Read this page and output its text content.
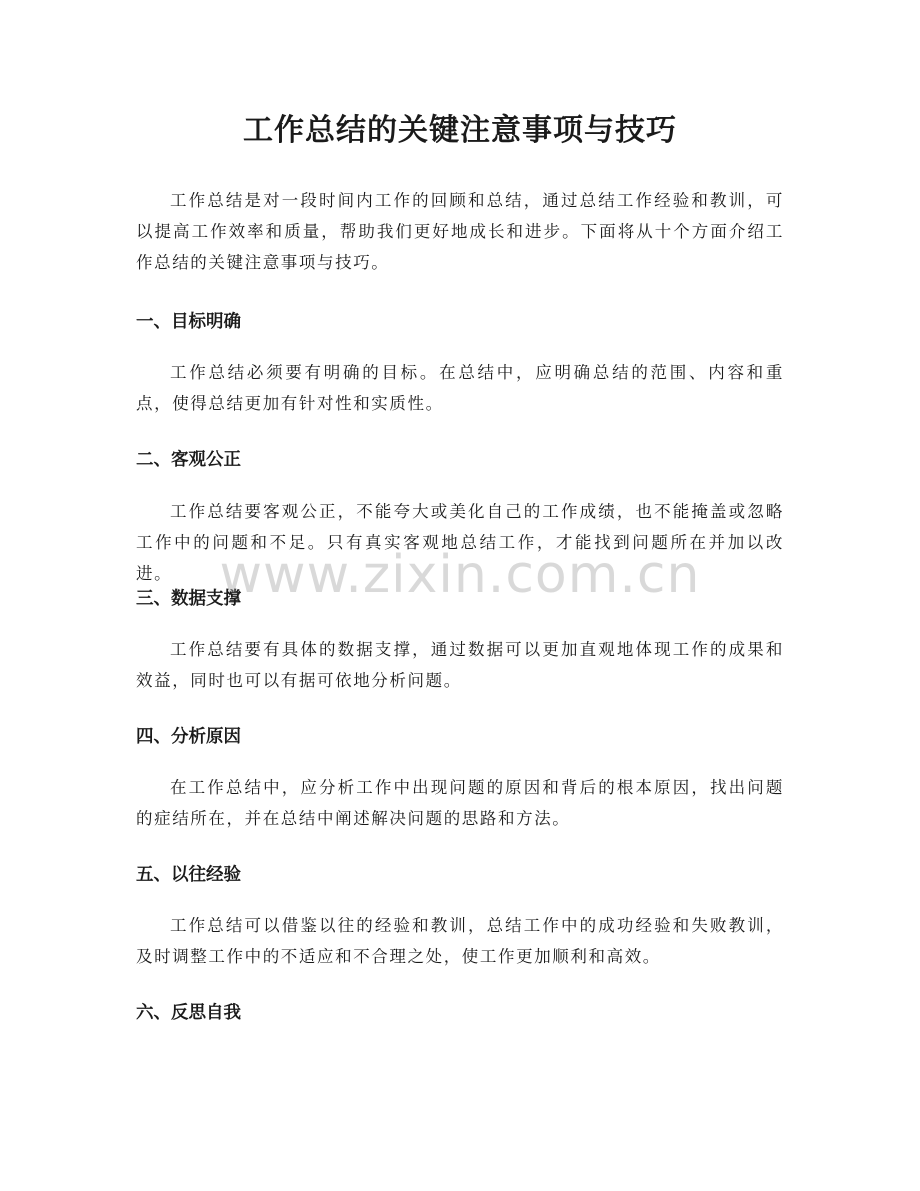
工作总结的关键注意事项与技巧

工作总结是对一段时间内工作的回顾和总结，通过总结工作经验和教训，可以提高工作效率和质量，帮助我们更好地成长和进步。下面将从十个方面介绍工作总结的关键注意事项与技巧。

一、目标明确

工作总结必须要有明确的目标。在总结中，应明确总结的范围、内容和重点，使得总结更加有针对性和实质性。

二、客观公正

工作总结要客观公正，不能夸大或美化自己的工作成绩，也不能掩盖或忽略工作中的问题和不足。只有真实客观地总结工作，才能找到问题所在并加以改进。

三、数据支撑

工作总结要有具体的数据支撑，通过数据可以更加直观地体现工作的成果和效益，同时也可以有据可依地分析问题。

四、分析原因

在工作总结中，应分析工作中出现问题的原因和背后的根本原因，找出问题的症结所在，并在总结中阐述解决问题的思路和方法。

五、以往经验

工作总结可以借鉴以往的经验和教训，总结工作中的成功经验和失败教训，及时调整工作中的不适应和不合理之处，使工作更加顺利和高效。

六、反思自我
www.zixin.com.cn
